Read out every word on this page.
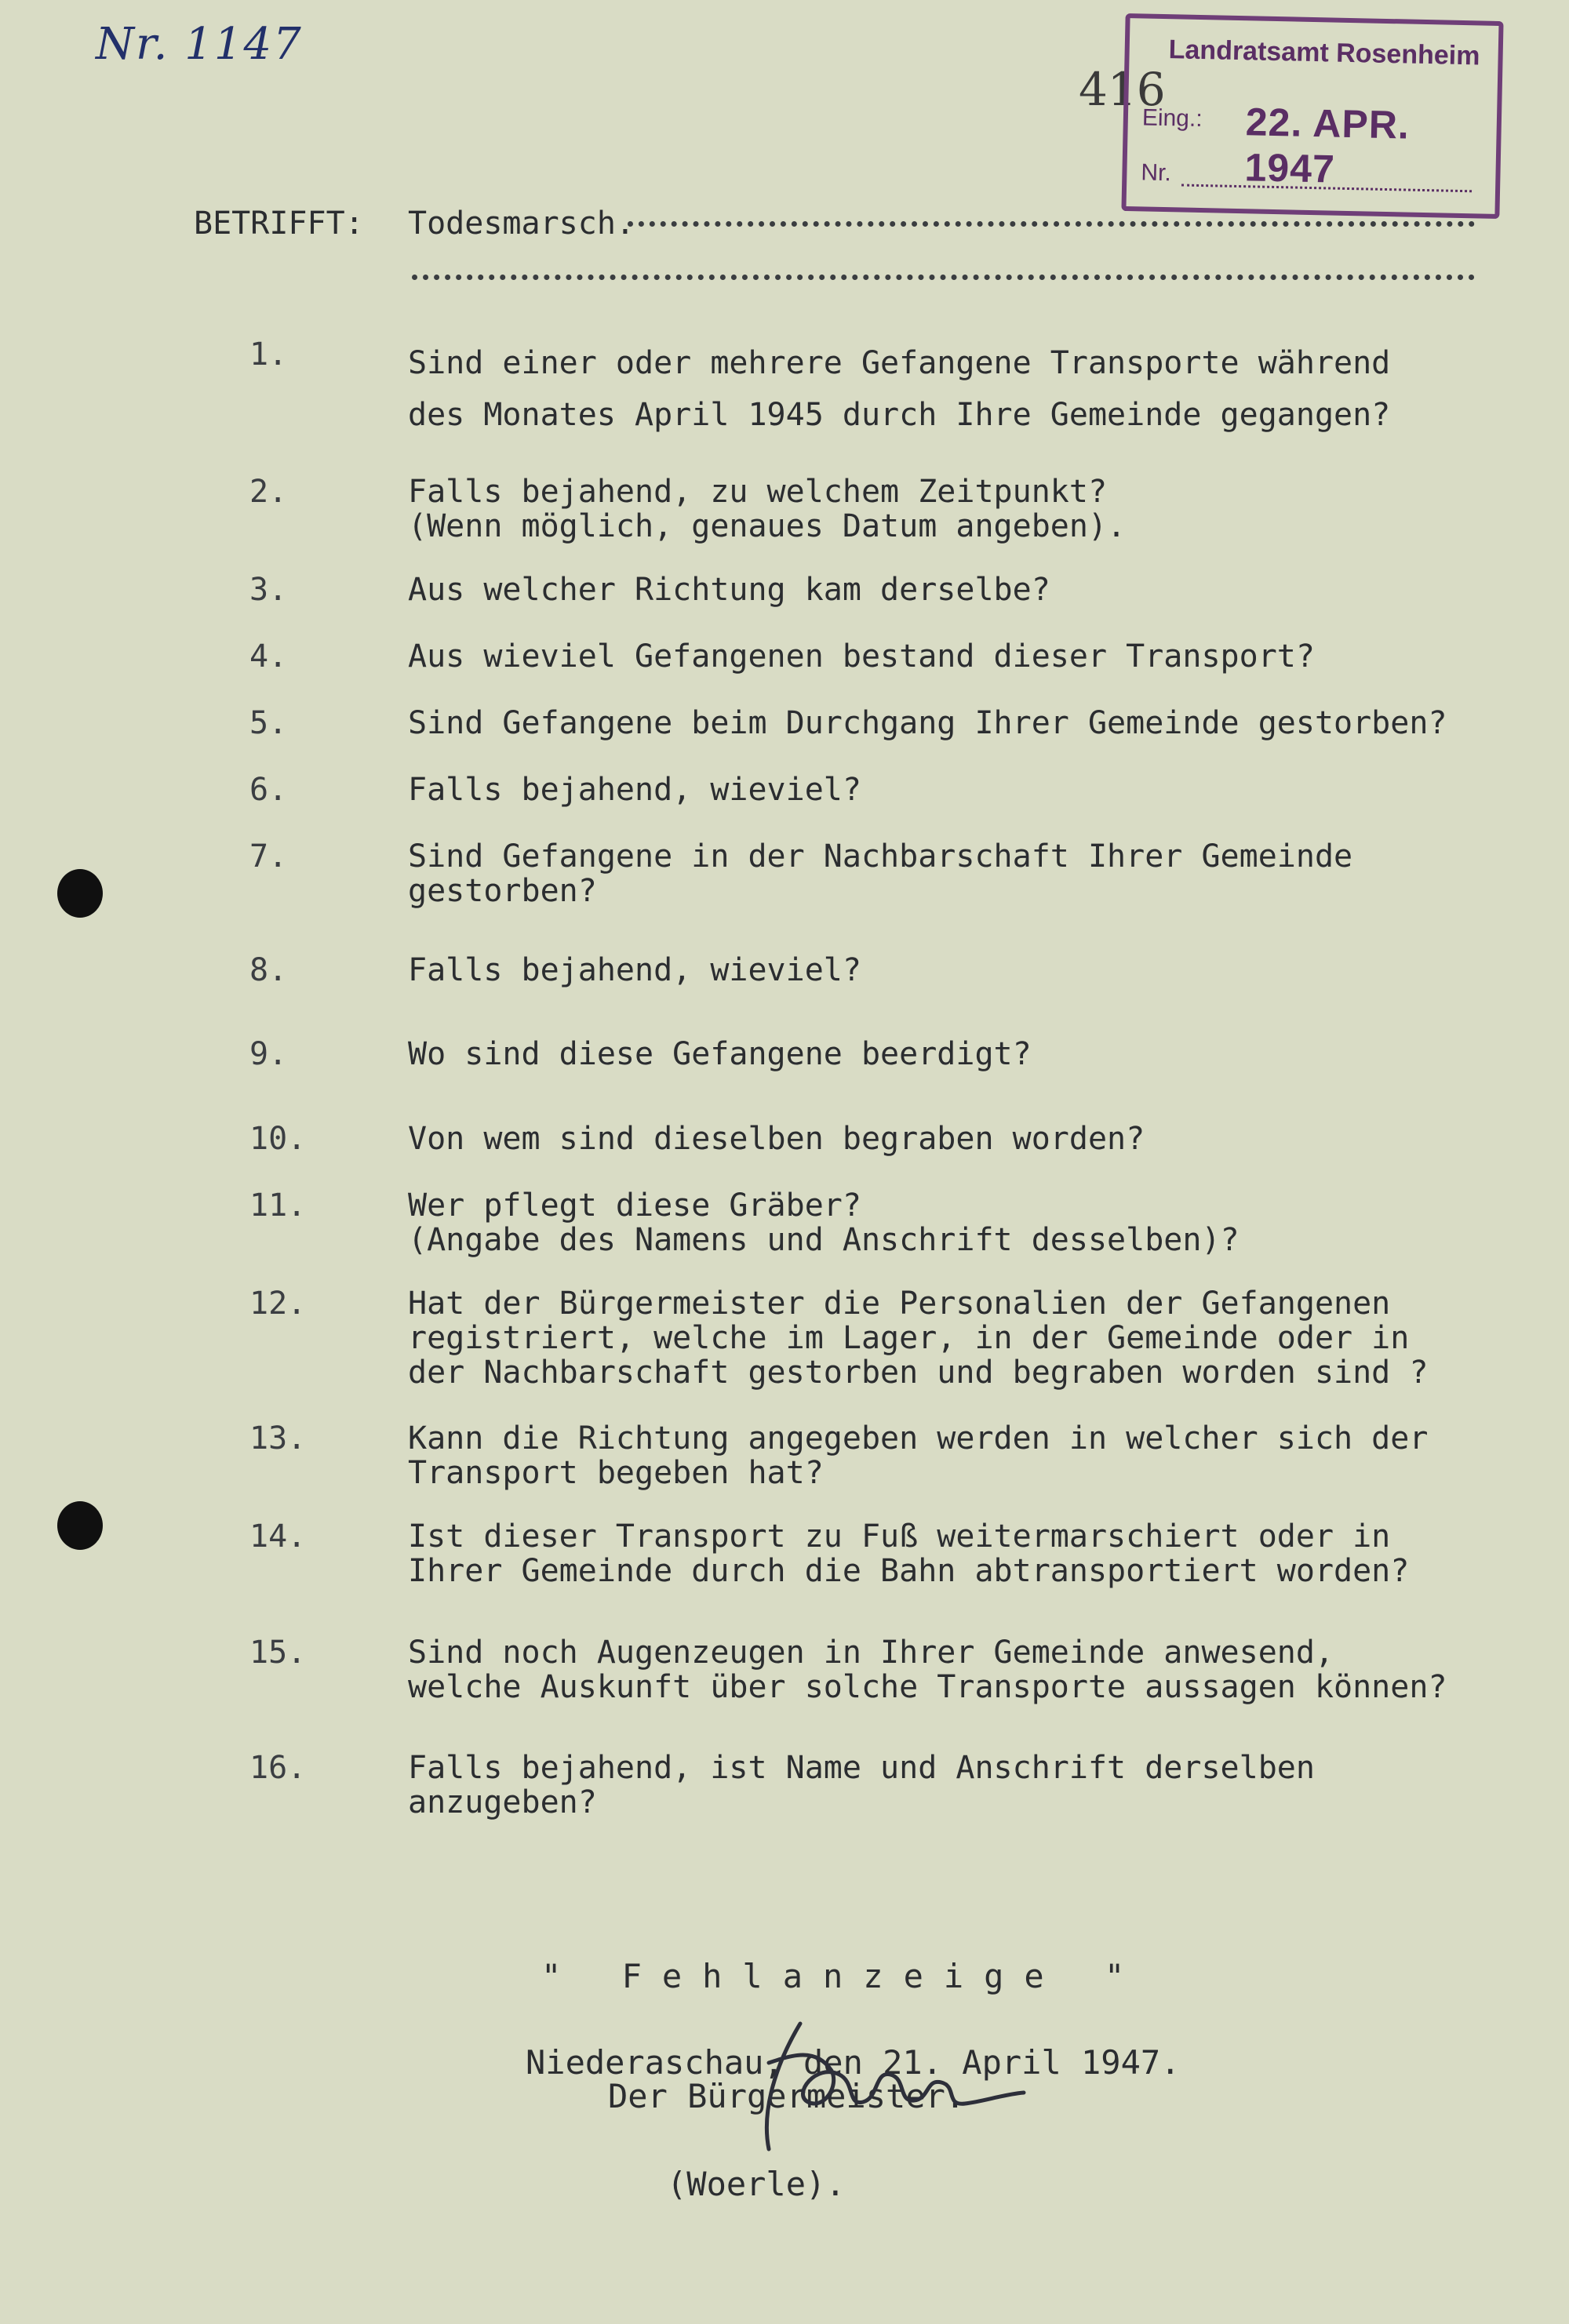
Nr. 1147
416
Landratsamt Rosenheim
Eing.: 22. APR. 1947
Nr.
BETRIFFT:	Todesmarsch.
1.	Sind einer oder mehrere Gefangene Transporte während
des Monates April 1945 durch Ihre Gemeinde gegangen?
2.	Falls bejahend, zu welchem Zeitpunkt?
(Wenn möglich, genaues Datum angeben).
3.	Aus welcher Richtung kam derselbe?
4.	Aus wieviel Gefangenen bestand dieser Transport?
5.	Sind Gefangene beim Durchgang Ihrer Gemeinde gestorben?
6.	Falls bejahend, wieviel?
7.	Sind Gefangene in der Nachbarschaft Ihrer Gemeinde
gestorben?
8.	Falls bejahend, wieviel?
9.	Wo sind diese Gefangene beerdigt?
10.	Von wem sind dieselben begraben worden?
11.	Wer pflegt diese Gräber?
(Angabe des Namens und Anschrift desselben)?
12.	Hat der Bürgermeister die Personalien der Gefangenen
registriert, welche im Lager, in der Gemeinde oder in
der Nachbarschaft gestorben und begraben worden sind ?
13.	Kann die Richtung angegeben werden in welcher sich der
Transport begeben hat?
14.	Ist dieser Transport zu Fuß weitermarschiert oder in
Ihrer Gemeinde durch die Bahn abtransportiert worden?
15.	Sind noch Augenzeugen in Ihrer Gemeinde anwesend,
welche Auskunft über solche Transporte aussagen können?
16.	Falls bejahend, ist Name und Anschrift derselben
anzugeben?
" Fehlanzeige "
Niederaschau, den 21. April 1947.
Der Bürgermeister.
(Woerle).
